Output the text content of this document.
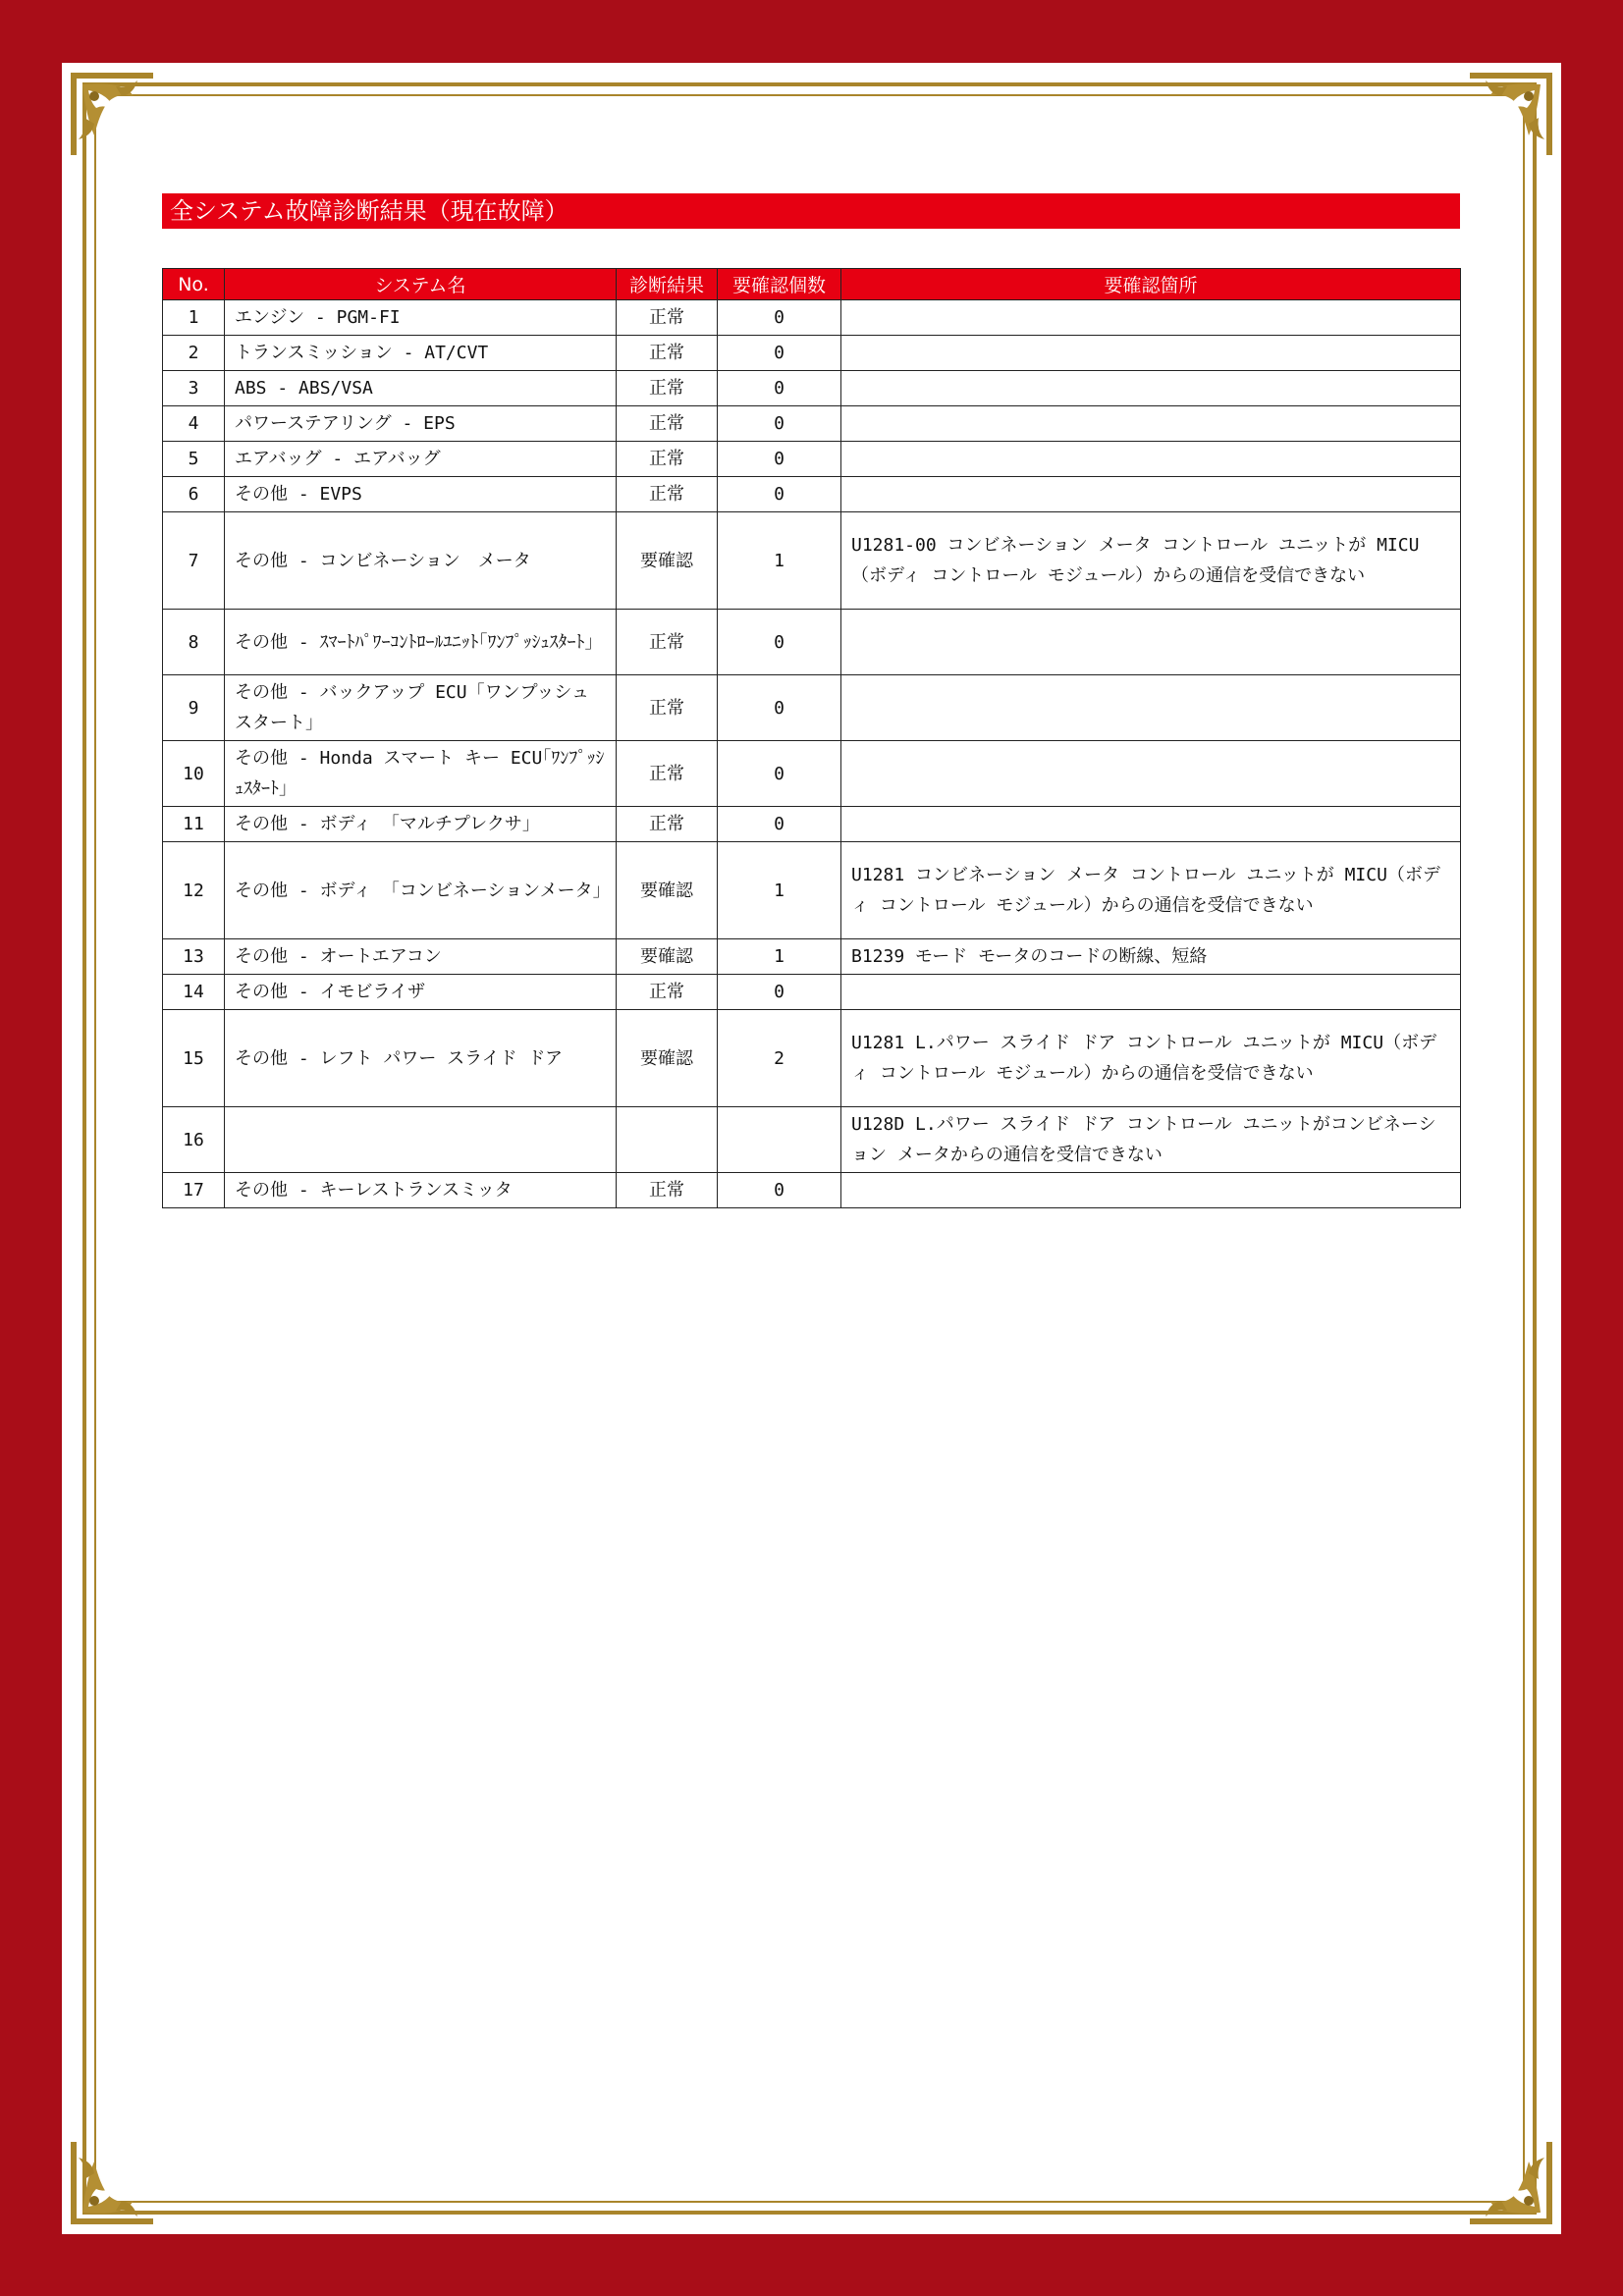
全システム故障診断結果（現在故障）
No.	システム名	診断結果	要確認個数	要確認箇所
1	エンジン - PGM-FI	正常	0	
2	トランスミッション - AT/CVT	正常	0	
3	ABS - ABS/VSA	正常	0	
4	パワーステアリング - EPS	正常	0	
5	エアバッグ - エアバッグ	正常	0	
6	その他 - EVPS	正常	0	
7	その他 - コンビネーション　メータ	要確認	1	U1281-00 コンビネーション メータ コントロール ユニットが MICU（ボディ コントロール モジュール）からの通信を受信できない
8	その他 - ｽﾏｰﾄﾊﾟﾜｰｺﾝﾄﾛｰﾙﾕﾆｯﾄ｢ﾜﾝﾌﾟｯｼｭｽﾀｰﾄ｣	正常	0	
9	その他 - バックアップ ECU「ワンプッシュスタート」	正常	0	
10	その他 - Honda スマート キー ECU｢ﾜﾝﾌﾟｯｼｭｽﾀｰﾄ｣	正常	0	
11	その他 - ボディ 「マルチプレクサ」	正常	0	
12	その他 - ボディ 「コンビネーションメータ」	要確認	1	U1281 コンビネーション メータ コントロール ユニットが MICU（ボディ コントロール モジュール）からの通信を受信できない
13	その他 - オートエアコン	要確認	1	B1239 モード モータのコードの断線、短絡
14	その他 - イモビライザ	正常	0	
15	その他 - レフト パワー スライド ドア	要確認	2	U1281 L.パワー スライド ドア コントロール ユニットが MICU（ボディ コントロール モジュール）からの通信を受信できない
16				U128D L.パワー スライド ドア コントロール ユニットがコンビネーション メータからの通信を受信できない
17	その他 - キーレストランスミッタ	正常	0	
